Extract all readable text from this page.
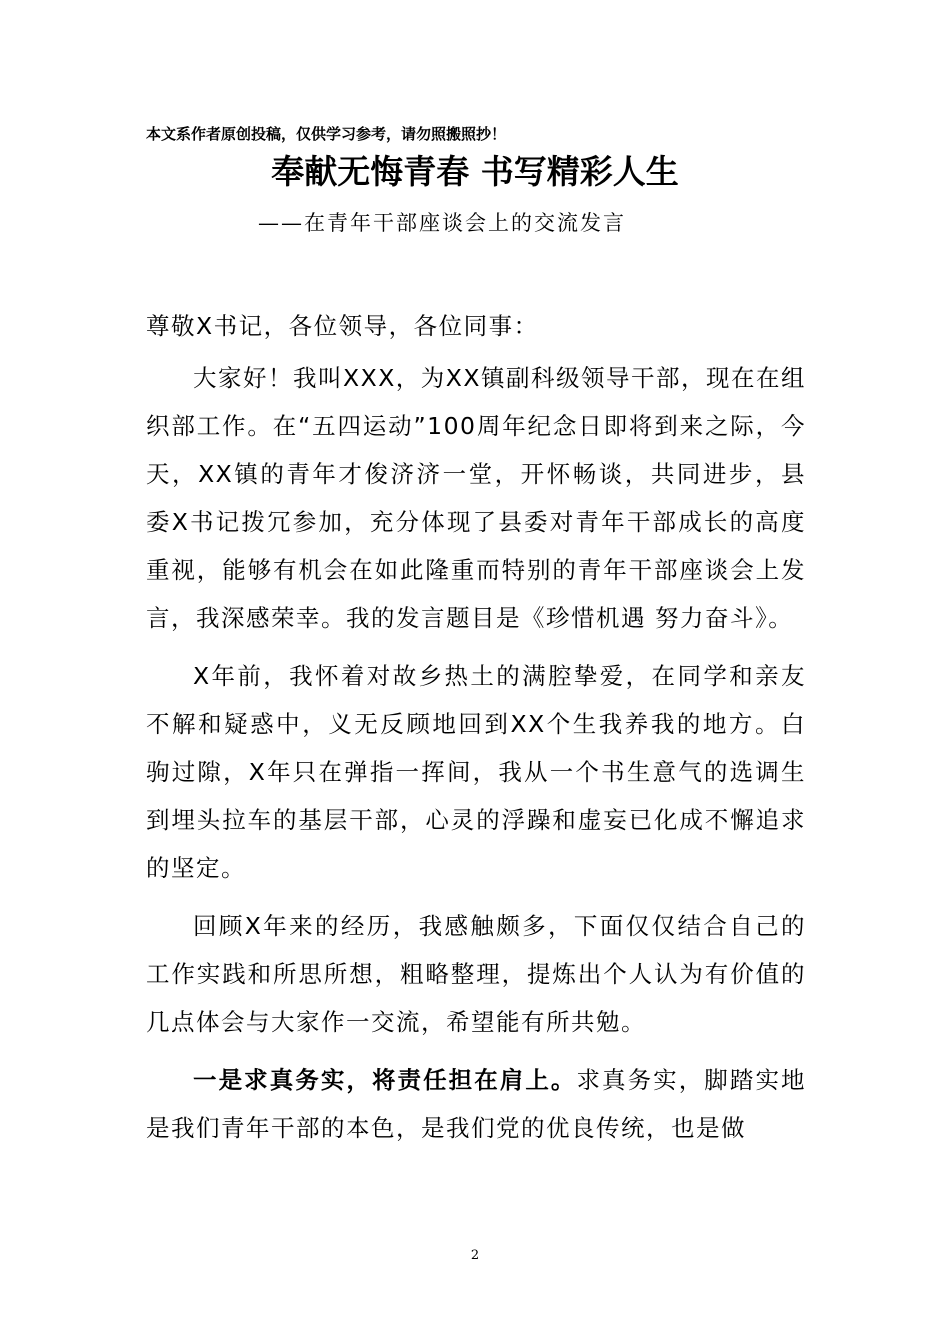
本文系作者原创投稿，仅供学习参考，请勿照搬照抄！
奉献无悔青春 书写精彩人生
——在青年干部座谈会上的交流发言

尊敬X书记，各位领导，各位同事：

大家好！我叫XXX，为XX镇副科级领导干部，现在在组织部工作。在“五四运动”100周年纪念日即将到来之际，今天，XX镇的青年才俊济济一堂，开怀畅谈，共同进步，县委X书记拨冗参加，充分体现了县委对青年干部成长的高度重视，能够有机会在如此隆重而特别的青年干部座谈会上发言，我深感荣幸。我的发言题目是《珍惜机遇 努力奋斗》。

X年前，我怀着对故乡热土的满腔挚爱，在同学和亲友不解和疑惑中，义无反顾地回到XX个生我养我的地方。白驹过隙，X年只在弹指一挥间，我从一个书生意气的选调生到埋头拉车的基层干部，心灵的浮躁和虚妄已化成不懈追求的坚定。

回顾X年来的经历，我感触颇多，下面仅仅结合自己的工作实践和所思所想，粗略整理，提炼出个人认为有价值的几点体会与大家作一交流，希望能有所共勉。

一是求真务实，将责任担在肩上。求真务实，脚踏实地是我们青年干部的本色，是我们党的优良传统，也是做

2
